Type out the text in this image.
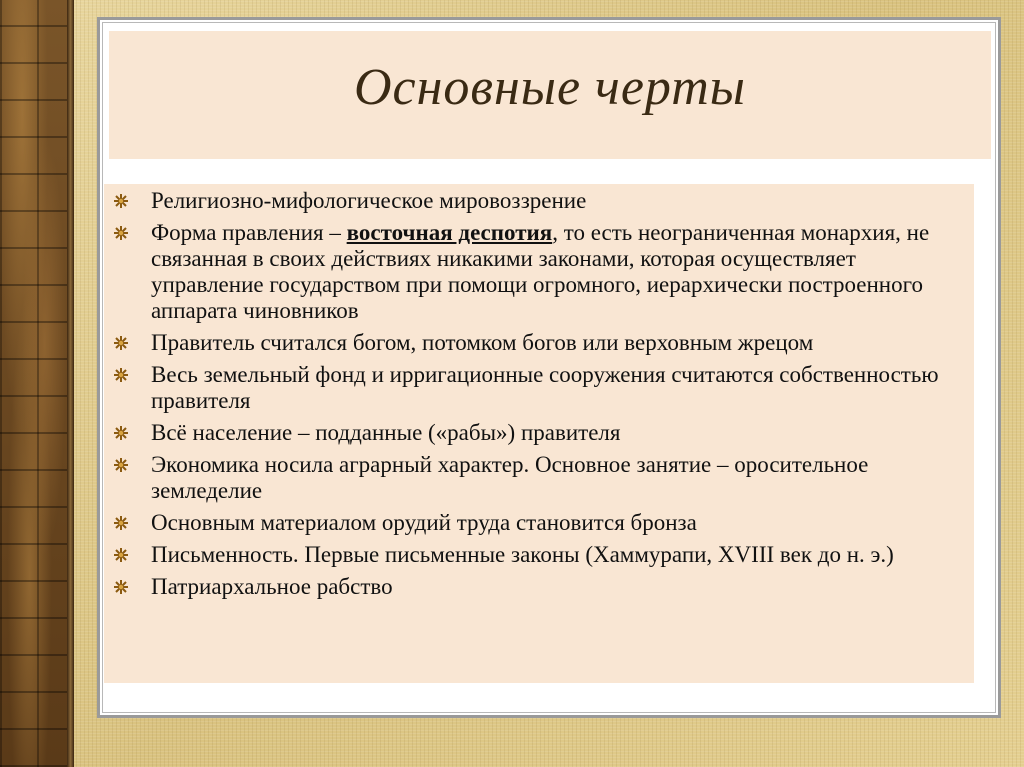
Основные черты
Религиозно-мифологическое мировоззрение
Форма правления – восточная деспотия, то есть неограниченная монархия, не связанная в своих действиях никакими законами, которая осуществляет управление государством при помощи огромного, иерархически построенного аппарата чиновников
Правитель считался богом, потомком богов или верховным жрецом
Весь земельный фонд и ирригационные сооружения считаются собственностью правителя
Всё население – подданные («рабы») правителя
Экономика носила аграрный характер. Основное занятие – оросительное земледелие
Основным материалом орудий труда становится бронза
Письменность. Первые письменные законы (Хаммурапи, XVIII век до н. э.)
Патриархальное рабство
